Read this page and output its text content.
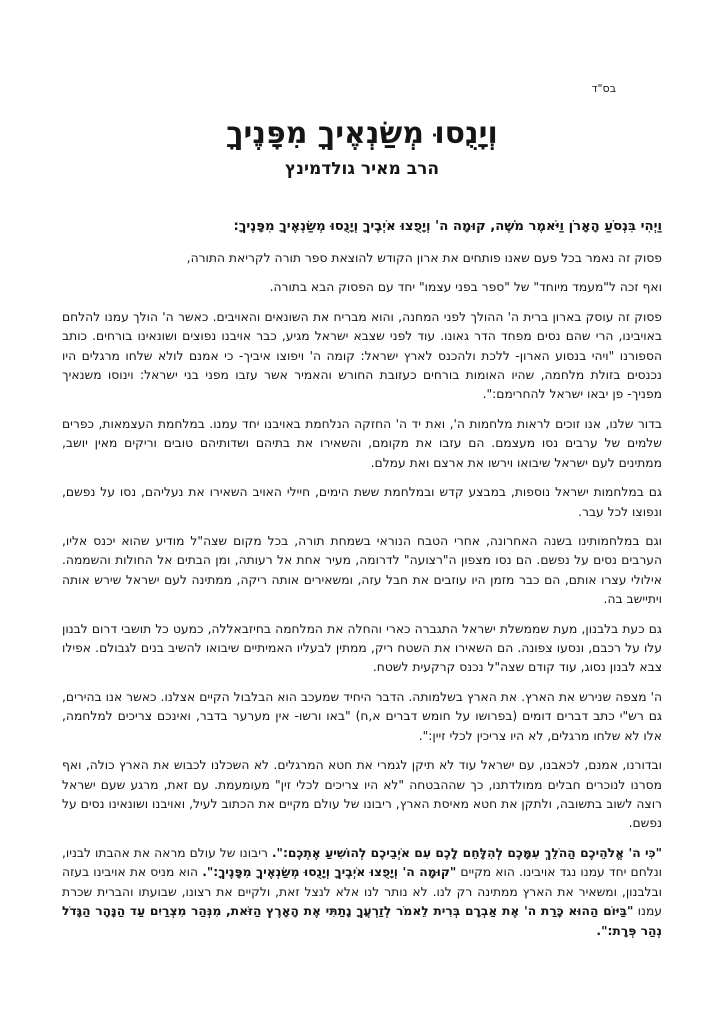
בס"ד
וְיָנֻסוּ מְשַׂנְאֶיךָ מִפָּנֶיךָ
הרב מאיר גולדמינץ

וַיְהִי בִּנְסֹעַ הָאָרֹן וַיֹּאמֶר מֹשֶׁה, קוּמָה ה' וְיָפֻצוּ אֹיְבֶיךָ וְיָנֻסוּ מְשַׂנְאֶיךָ מִפָּנֶיךָ:

פסוק זה נאמר בכל פעם שאנו פותחים את ארון הקודש להוצאת ספר תורה לקריאת התורה,

ואף זכה ל"מעמד מיוחד" של "ספר בפני עצמו" יחד עם הפסוק הבא בתורה.

פסוק זה עוסק בארון ברית ה' ההולך לפני המחנה, והוא מבריח את השונאים והאויבים. כאשר ה' הולך עמנו להלחם באויבינו, הרי שהם נסים מפחד הדר גאונו. עוד לפני שצבא ישראל מגיע, כבר אויבנו נפוצים ושונאינו בורחים. כותב הספורנו "ויהי בנסוע הארון- ללכת ולהכנס לארץ ישראל: קומה ה' ויפוצו איביך- כי אמנם לולא שלחו מרגלים היו נכנסים בזולת מלחמה, שהיו האומות בורחים כעזובת החורש והאמיר אשר עזבו מפני בני ישראל: וינוסו משנאיך מפניך- פן יבאו ישראל להחרימם:".

בדור שלנו, אנו זוכים לראות מלחמות ה', ואת יד ה' החזקה הנלחמת באויבנו יחד עמנו. במלחמת העצמאות, כפרים שלמים של ערבים נסו מעצמם. הם עזבו את מקומם, והשאירו את בתיהם ושדותיהם טובים וריקים מאין יושב, ממתינים לעם ישראל שיבואו וירשו את ארצם ואת עמלם.

גם במלחמות ישראל נוספות, במבצע קדש ובמלחמת ששת הימים, חיילי האויב השאירו את נעליהם, נסו על נפשם, ונפוצו לכל עבר.

וגם במלחמותינו בשנה האחרונה, אחרי הטבח הנוראי בשמחת תורה, בכל מקום שצה"ל מודיע שהוא יכנס אליו, הערבים נסים על נפשם. הם נסו מצפון ה"רצועה" לדרומה, מעיר אחת אל רעותה, ומן הבתים אל החולות והשממה. אילולי עצרו אותם, הם כבר מזמן היו עוזבים את חבל עזה, ומשאירים אותה ריקה, ממתינה לעם ישראל שירש אותה ויתיישב בה.

גם כעת בלבנון, מעת שממשלת ישראל התגברה כארי והחלה את המלחמה בחיזבאללה, כמעט כל תושבי דרום לבנון עלו על רכבם, ונסעו צפונה. הם השאירו את השטח ריק, ממתין לבעליו האמיתיים שיבואו להשיב בנים לגבולם. אפילו צבא לבנון נסוג, עוד קודם שצה"ל נכנס קרקעית לשטח.

ה' מצפה שנירש את הארץ. את הארץ בשלמותה. הדבר היחיד שמעכב הוא הבלבול הקיים אצלנו. כאשר אנו בהירים, גם רש"י כתב דברים דומים (בפרושו על חומש דברים א,ח) "באו ורשו- אין מערער בדבר, ואינכם צריכים למלחמה, אלו לא שלחו מרגלים, לא היו צריכין לכלי זיין:".

ובדורנו, אמנם, לכאבנו, עם ישראל עוד לא תיקן לגמרי את חטא המרגלים. לא השכלנו לכבוש את הארץ כולה, ואף מסרנו לנוכרים חבלים ממולדתנו, כך שההבטחה "לא היו צריכים לכלי זין" מעומעמת. עם זאת, מרגע שעם ישראל רוצה לשוב בתשובה, ולתקן את חטא מאיסת הארץ, ריבונו של עולם מקיים את הכתוב לעיל, ואויבנו ושונאינו נסים על נפשם.

"כִּי ה' אֱלֹהֵיכֶם הַהֹלֵךְ עִמָּכֶם לְהִלָּחֵם לָכֶם עִם אֹיְבֵיכֶם לְהוֹשִׁיעַ אֶתְכֶם:". ריבונו של עולם מראה את אהבתו לבניו, ונלחם יחד עמנו נגד אויבינו. הוא מקיים "קוּמָה ה' וְיָפֻצוּ אֹיְבֶיךָ וְיָנֻסוּ מְשַׂנְאֶיךָ מִפָּנֶיךָ:". הוא מניס את אויבינו בעזה ובלבנון, ומשאיר את הארץ ממתינה רק לנו. לא נותר לנו אלא לנצל זאת, ולקיים את רצונו, שבועתו והברית שכרת עמנו "בַּיּוֹם הַהוּא כָּרַת ה' אֶת אַבְרָם בְּרִית לֵאמֹר לְזַרְעֲךָ נָתַתִּי אֶת הָאָרֶץ הַזֹּאת, מִנְּהַר מִצְרַיִם עַד הַנָּהָר הַגָּדֹל נְהַר פְּרָת:".
